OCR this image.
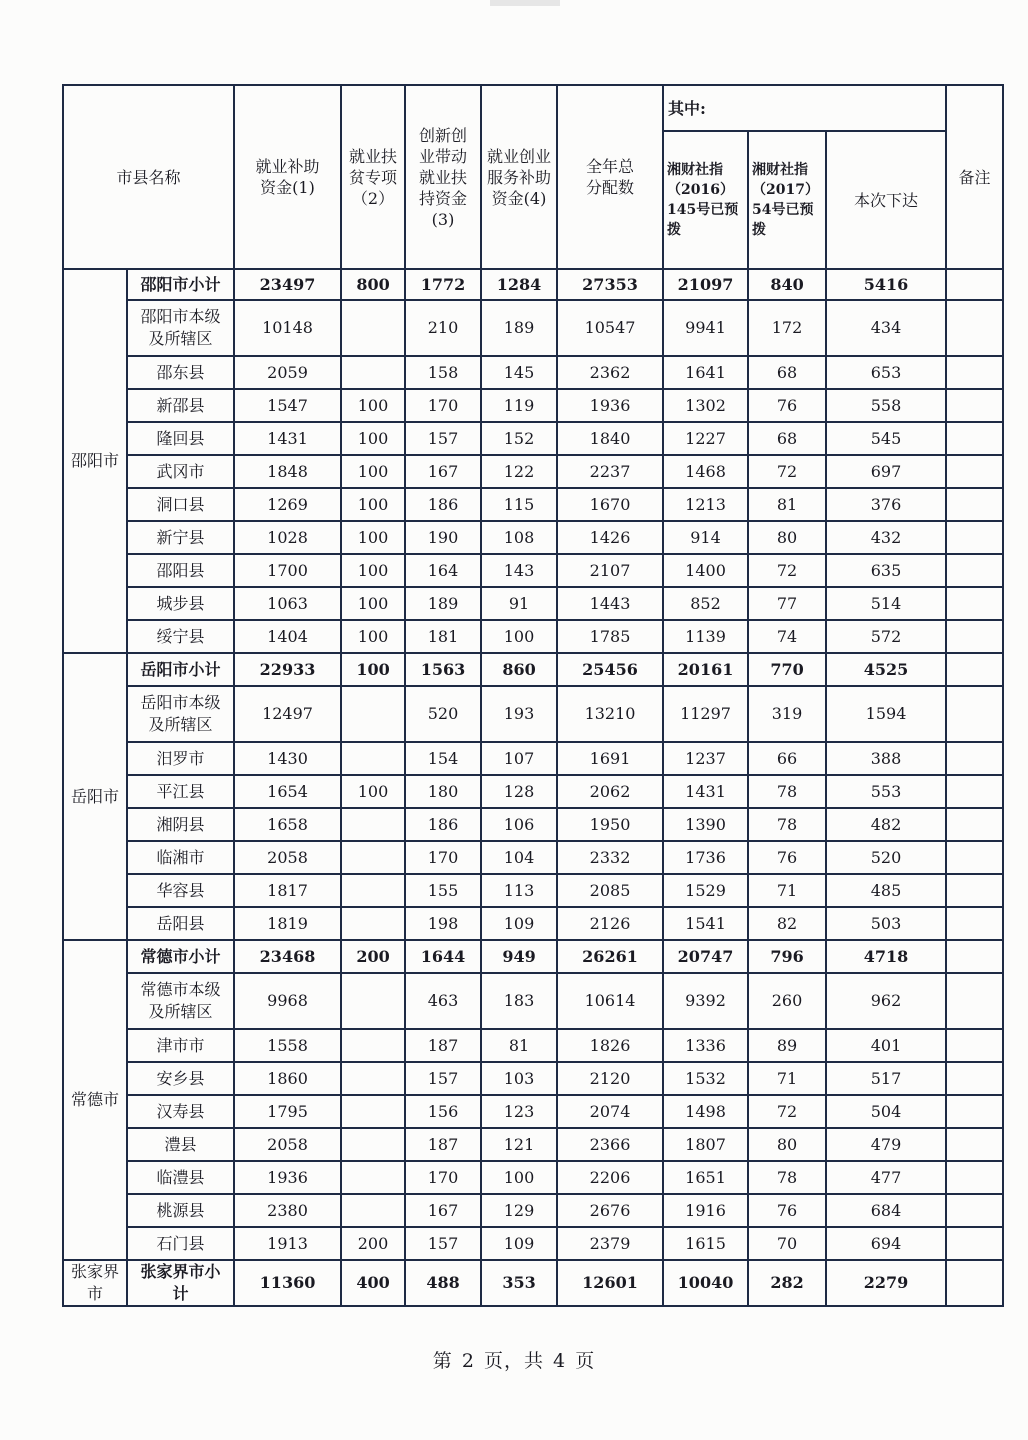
市县名称		就业补助资金(1)	就业扶贫专项（2）	创新创业带动就业扶持资金(3)	就业创业服务补助资金(4)	全年总分配数	其中:			备注
							湘财社指（2016）145号已预拨	湘财社指（2017）54号已预拨	本次下达	
邵阳市	邵阳市小计	23497	800	1772	1284	27353	21097	840	5416	

	邵阳市本级及所辖区	10148		210	189	10547	9941	172	434	

	邵东县	2059		158	145	2362	1641	68	653	

	新邵县	1547	100	170	119	1936	1302	76	558	

	隆回县	1431	100	157	152	1840	1227	68	545	

	武冈市	1848	100	167	122	2237	1468	72	697	

	洞口县	1269	100	186	115	1670	1213	81	376	

	新宁县	1028	100	190	108	1426	914	80	432	

	邵阳县	1700	100	164	143	2107	1400	72	635	

	城步县	1063	100	189	91	1443	852	77	514	

	绥宁县	1404	100	181	100	1785	1139	74	572	
岳阳市	岳阳市小计	22933	100	1563	860	25456	20161	770	4525	

	岳阳市本级及所辖区	12497		520	193	13210	11297	319	1594	

	汨罗市	1430		154	107	1691	1237	66	388	

	平江县	1654	100	180	128	2062	1431	78	553	

	湘阴县	1658		186	106	1950	1390	78	482	

	临湘市	2058		170	104	2332	1736	76	520	

	华容县	1817		155	113	2085	1529	71	485	

	岳阳县	1819		198	109	2126	1541	82	503	
常德市	常德市小计	23468	200	1644	949	26261	20747	796	4718	

	常德市本级及所辖区	9968		463	183	10614	9392	260	962	

	津市市	1558		187	81	1826	1336	89	401	

	安乡县	1860		157	103	2120	1532	71	517	

	汉寿县	1795		156	123	2074	1498	72	504	

	澧县	2058		187	121	2366	1807	80	479	

	临澧县	1936		170	100	2206	1651	78	477	

	桃源县	2380		167	129	2676	1916	76	684	

	石门县	1913	200	157	109	2379	1615	70	694	
张家界市	张家界市小计	11360	400	488	353	12601	10040	282	2279	
第 2 页，共 4 页
